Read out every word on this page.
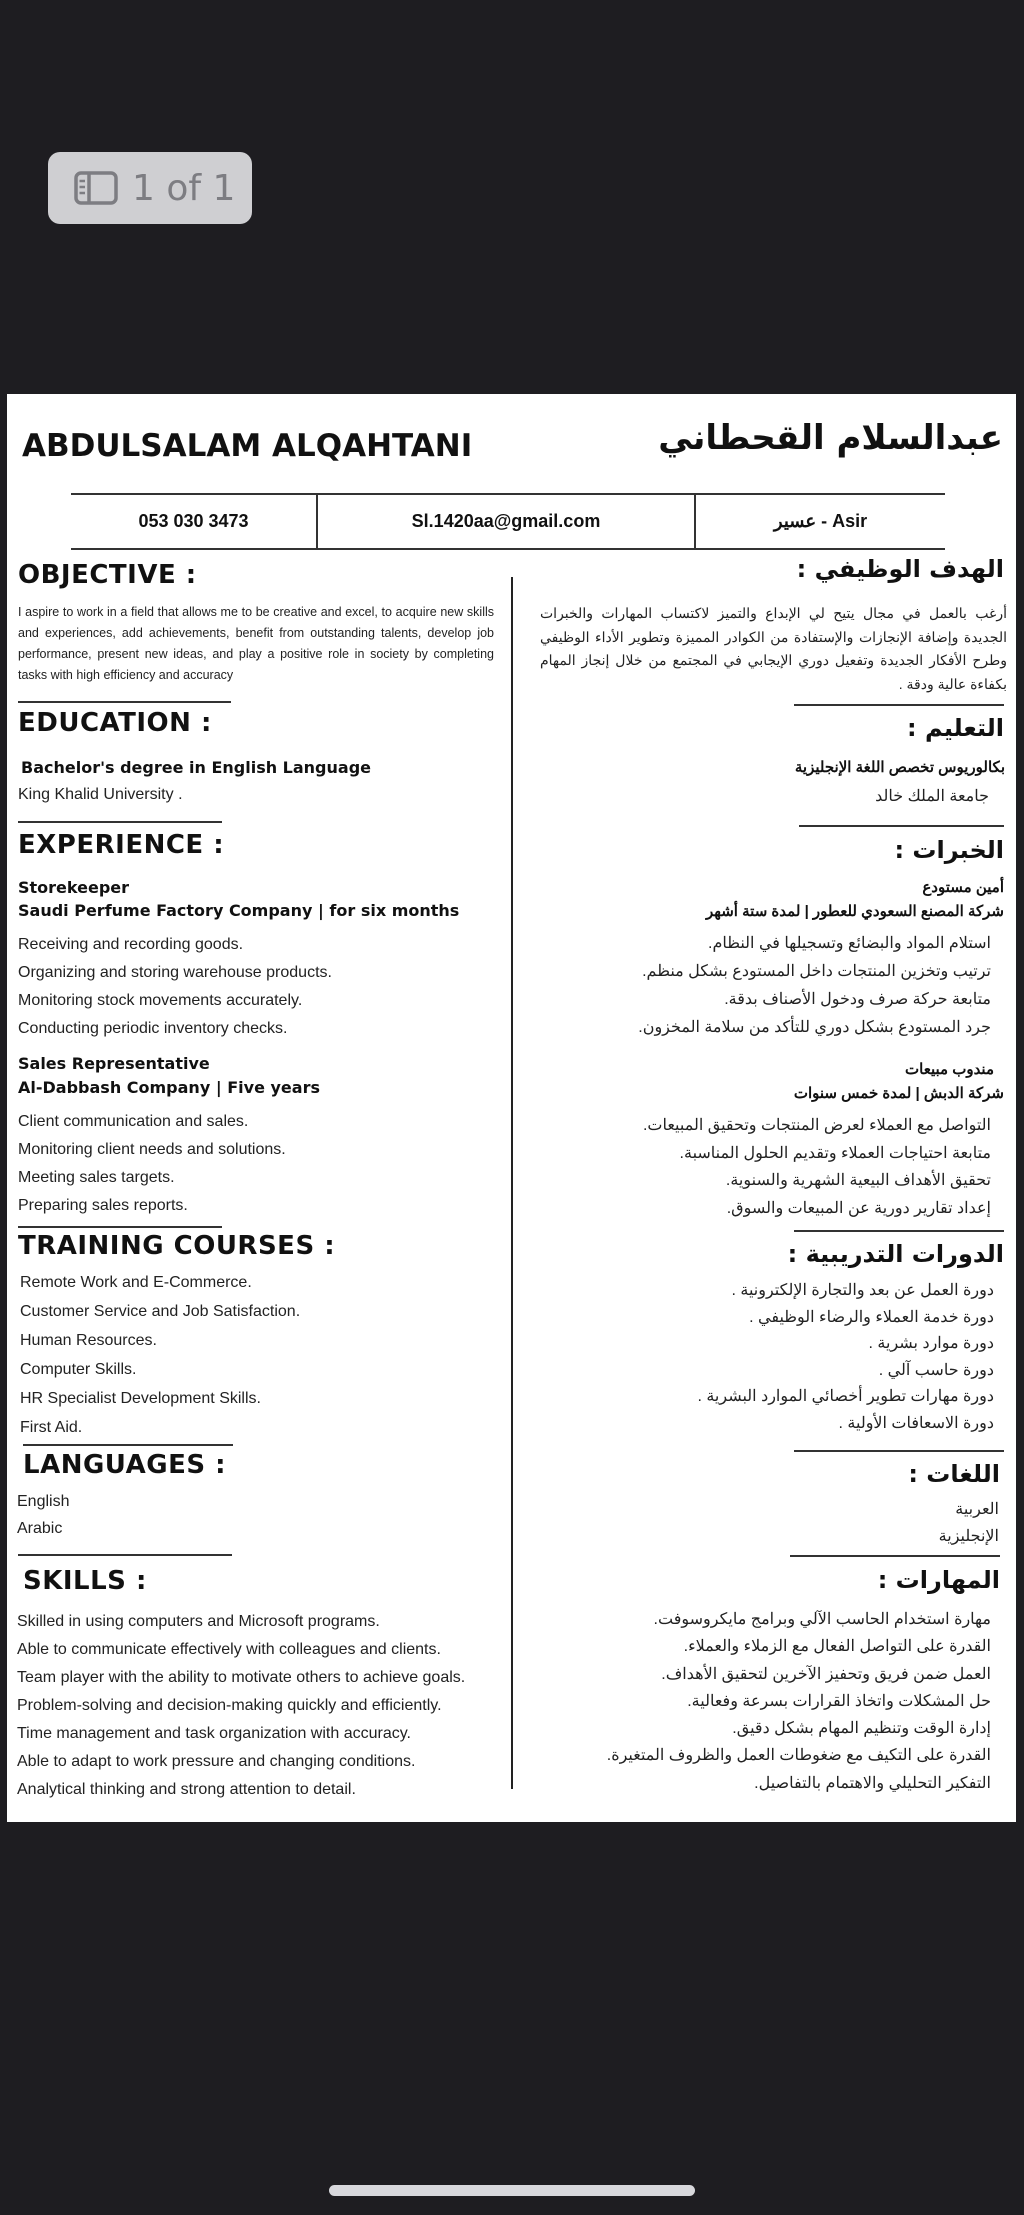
1 of 1
ABDULSALAM ALQAHTANI	عبدالسلام القحطاني
053 030 3473	Sl.1420aa@gmail.com	Asir - عسير
OBJECTIVE :
I aspire to work in a field that allows me to be creative and excel, to acquire new skills and experiences, add achievements, benefit from outstanding talents, develop job performance, present new ideas, and play a positive role in society by completing tasks with high efficiency and accuracy
EDUCATION :
Bachelor's degree in English Language
King Khalid University .
EXPERIENCE :
Storekeeper
Saudi Perfume Factory Company | for six months
Receiving and recording goods.
Organizing and storing warehouse products.
Monitoring stock movements accurately.
Conducting periodic inventory checks.
Sales Representative
Al-Dabbash Company | Five years
Client communication and sales.
Monitoring client needs and solutions.
Meeting sales targets.
Preparing sales reports.
TRAINING COURSES :
Remote Work and E-Commerce.
Customer Service and Job Satisfaction.
Human Resources.
Computer Skills.
HR Specialist Development Skills.
First Aid.
LANGUAGES :
English
Arabic
SKILLS :
Skilled in using computers and Microsoft programs.
Able to communicate effectively with colleagues and clients.
Team player with the ability to motivate others to achieve goals.
Problem-solving and decision-making quickly and efficiently.
Time management and task organization with accuracy.
Able to adapt to work pressure and changing conditions.
Analytical thinking and strong attention to detail.
الهدف الوظيفي :
أرغب بالعمل في مجال يتيح لي الإبداع والتميز لاكتساب المهارات والخبرات الجديدة وإضافة الإنجازات والإستفادة من الكوادر المميزة وتطوير الأداء الوظيفي وطرح الأفكار الجديدة وتفعيل دوري الإيجابي في المجتمع من خلال إنجاز المهام بكفاءة عالية ودقة .
التعليم :
بكالوريوس تخصص اللغة الإنجليزية
جامعة الملك خالد
الخبرات :
أمين مستودع
شركة المصنع السعودي للعطور | لمدة ستة أشهر
استلام المواد والبضائع وتسجيلها في النظام.
ترتيب وتخزين المنتجات داخل المستودع بشكل منظم.
متابعة حركة صرف ودخول الأصناف بدقة.
جرد المستودع بشكل دوري للتأكد من سلامة المخزون.
مندوب مبيعات
شركة الدبش | لمدة خمس سنوات
التواصل مع العملاء لعرض المنتجات وتحقيق المبيعات.
متابعة احتياجات العملاء وتقديم الحلول المناسبة.
تحقيق الأهداف البيعية الشهرية والسنوية.
إعداد تقارير دورية عن المبيعات والسوق.
الدورات التدريبية :
دورة العمل عن بعد والتجارة الإلكترونية .
دورة خدمة العملاء والرضاء الوظيفي .
دورة موارد بشرية .
دورة حاسب آلي .
دورة مهارات تطوير أخصائي الموارد البشرية .
دورة الاسعافات الأولية .
اللغات :
العربية
الإنجليزية
المهارات :
مهارة استخدام الحاسب الآلي وبرامج مايكروسوفت.
القدرة على التواصل الفعال مع الزملاء والعملاء.
العمل ضمن فريق وتحفيز الآخرين لتحقيق الأهداف.
حل المشكلات واتخاذ القرارات بسرعة وفعالية.
إدارة الوقت وتنظيم المهام بشكل دقيق.
القدرة على التكيف مع ضغوطات العمل والظروف المتغيرة.
التفكير التحليلي والاهتمام بالتفاصيل.
